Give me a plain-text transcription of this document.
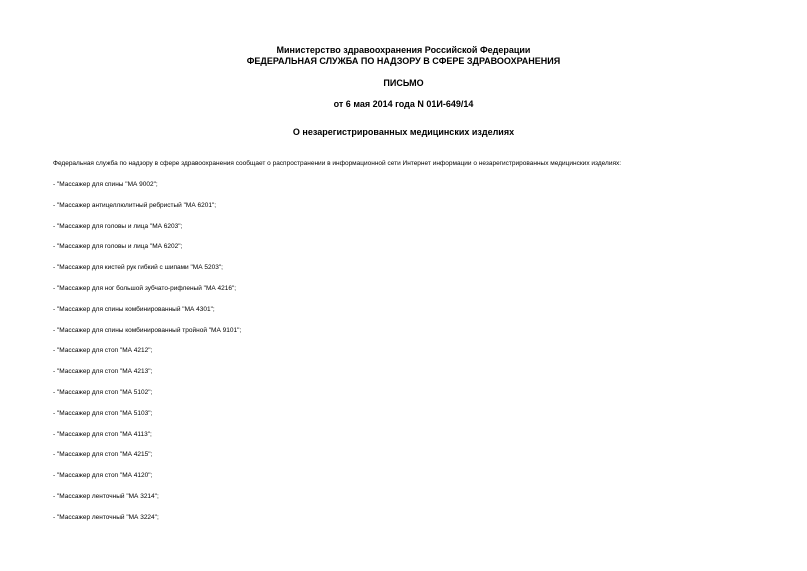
Министерство здравоохранения Российской Федерации
ФЕДЕРАЛЬНАЯ СЛУЖБА ПО НАДЗОРУ В СФЕРЕ ЗДРАВООХРАНЕНИЯ
ПИСЬМО
от 6 мая 2014 года N 01И-649/14
О незарегистрированных медицинских изделиях
Федеральная служба по надзору в сфере здравоохранения сообщает о распространении в информационной сети Интернет информации о незарегистрированных медицинских изделиях:
- "Массажер для спины "МА 9002";
- "Массажер антицеллюлитный ребристый "МА 6201";
- "Массажер для головы и лица "МА 6203";
- "Массажер для головы и лица "МА 6202";
- "Массажер для кистей рук гибкий с шипами "МА 5203";
- "Массажер для ног большой зубчато-рифленый "МА 4216";
- "Массажер для спины комбинированный "МА 4301";
- "Массажер для спины комбинированный тройной "МА 9101";
- "Массажер для стоп "МА 4212";
- "Массажер для стоп "МА 4213";
- "Массажер для стоп "МА 5102";
- "Массажер для стоп "МА 5103";
- "Массажер для стоп "МА 4113";
- "Массажер для стоп "МА 4215";
- "Массажер для стоп "МА 4120";
- "Массажер ленточный "МА 3214";
- "Массажер ленточный "МА 3224";
